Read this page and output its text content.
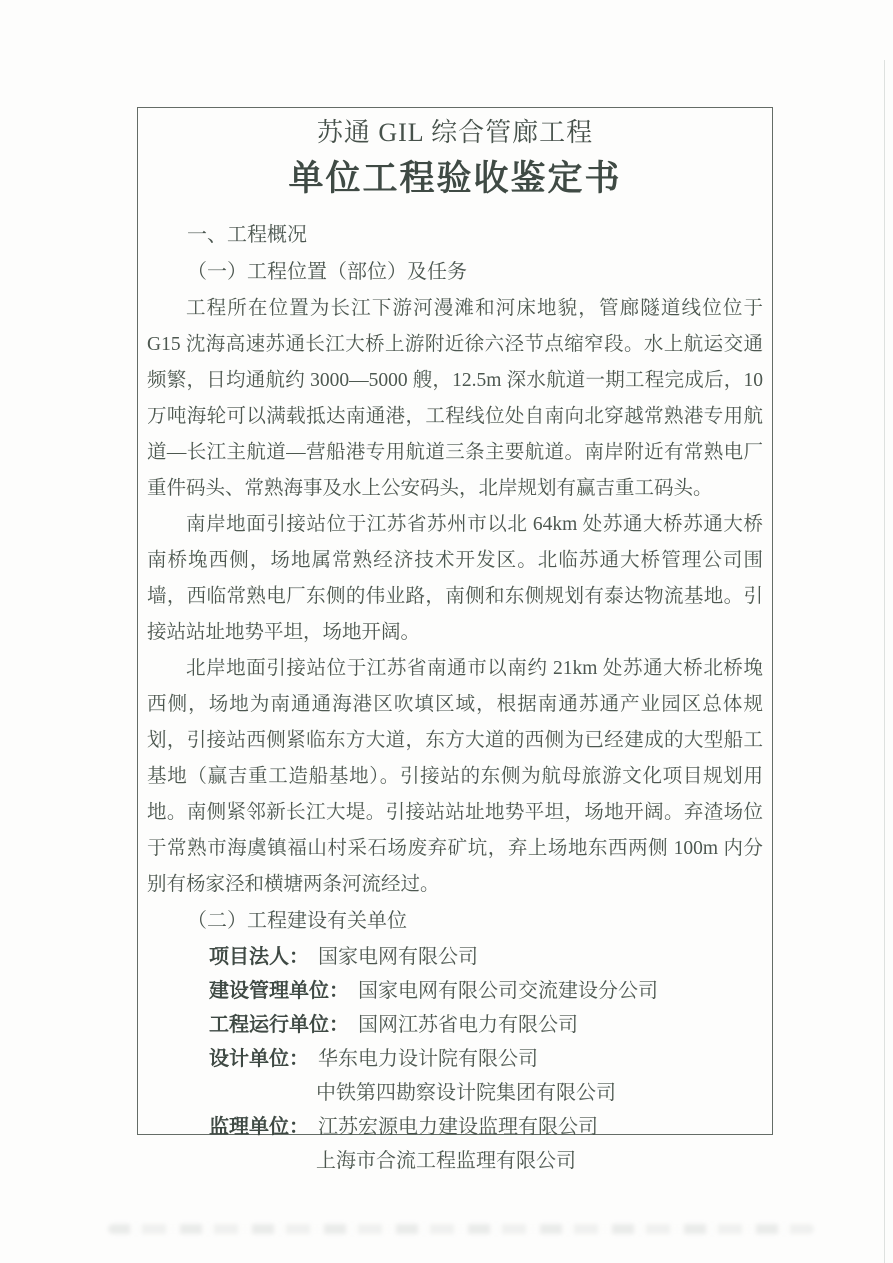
苏通 GIL 综合管廊工程

单位工程验收鉴定书

一、工程概况

（一）工程位置（部位）及任务

工程所在位置为长江下游河漫滩和河床地貌，管廊隧道线位位于 G15 沈海高速苏通长江大桥上游附近徐六泾节点缩窄段。水上航运交通频繁，日均通航约 3000—5000 艘，12.5m 深水航道一期工程完成后，10 万吨海轮可以满载抵达南通港，工程线位处自南向北穿越常熟港专用航道—长江主航道—营船港专用航道三条主要航道。南岸附近有常熟电厂重件码头、常熟海事及水上公安码头，北岸规划有赢吉重工码头。

南岸地面引接站位于江苏省苏州市以北 64km 处苏通大桥苏通大桥南桥堍西侧，场地属常熟经济技术开发区。北临苏通大桥管理公司围墙，西临常熟电厂东侧的伟业路，南侧和东侧规划有泰达物流基地。引接站站址地势平坦，场地开阔。

北岸地面引接站位于江苏省南通市以南约 21km 处苏通大桥北桥堍西侧，场地为南通通海港区吹填区域，根据南通苏通产业园区总体规划，引接站西侧紧临东方大道，东方大道的西侧为已经建成的大型船工基地（赢吉重工造船基地）。引接站的东侧为航母旅游文化项目规划用地。南侧紧邻新长江大堤。引接站站址地势平坦，场地开阔。弃渣场位于常熟市海虞镇福山村采石场废弃矿坑，弃上场地东西两侧 100m 内分别有杨家泾和横塘两条河流经过。

（二）工程建设有关单位

项目法人： 国家电网有限公司

建设管理单位： 国家电网有限公司交流建设分公司

工程运行单位： 国网江苏省电力有限公司

设计单位： 华东电力设计院有限公司

中铁第四勘察设计院集团有限公司

监理单位： 江苏宏源电力建设监理有限公司

上海市合流工程监理有限公司
